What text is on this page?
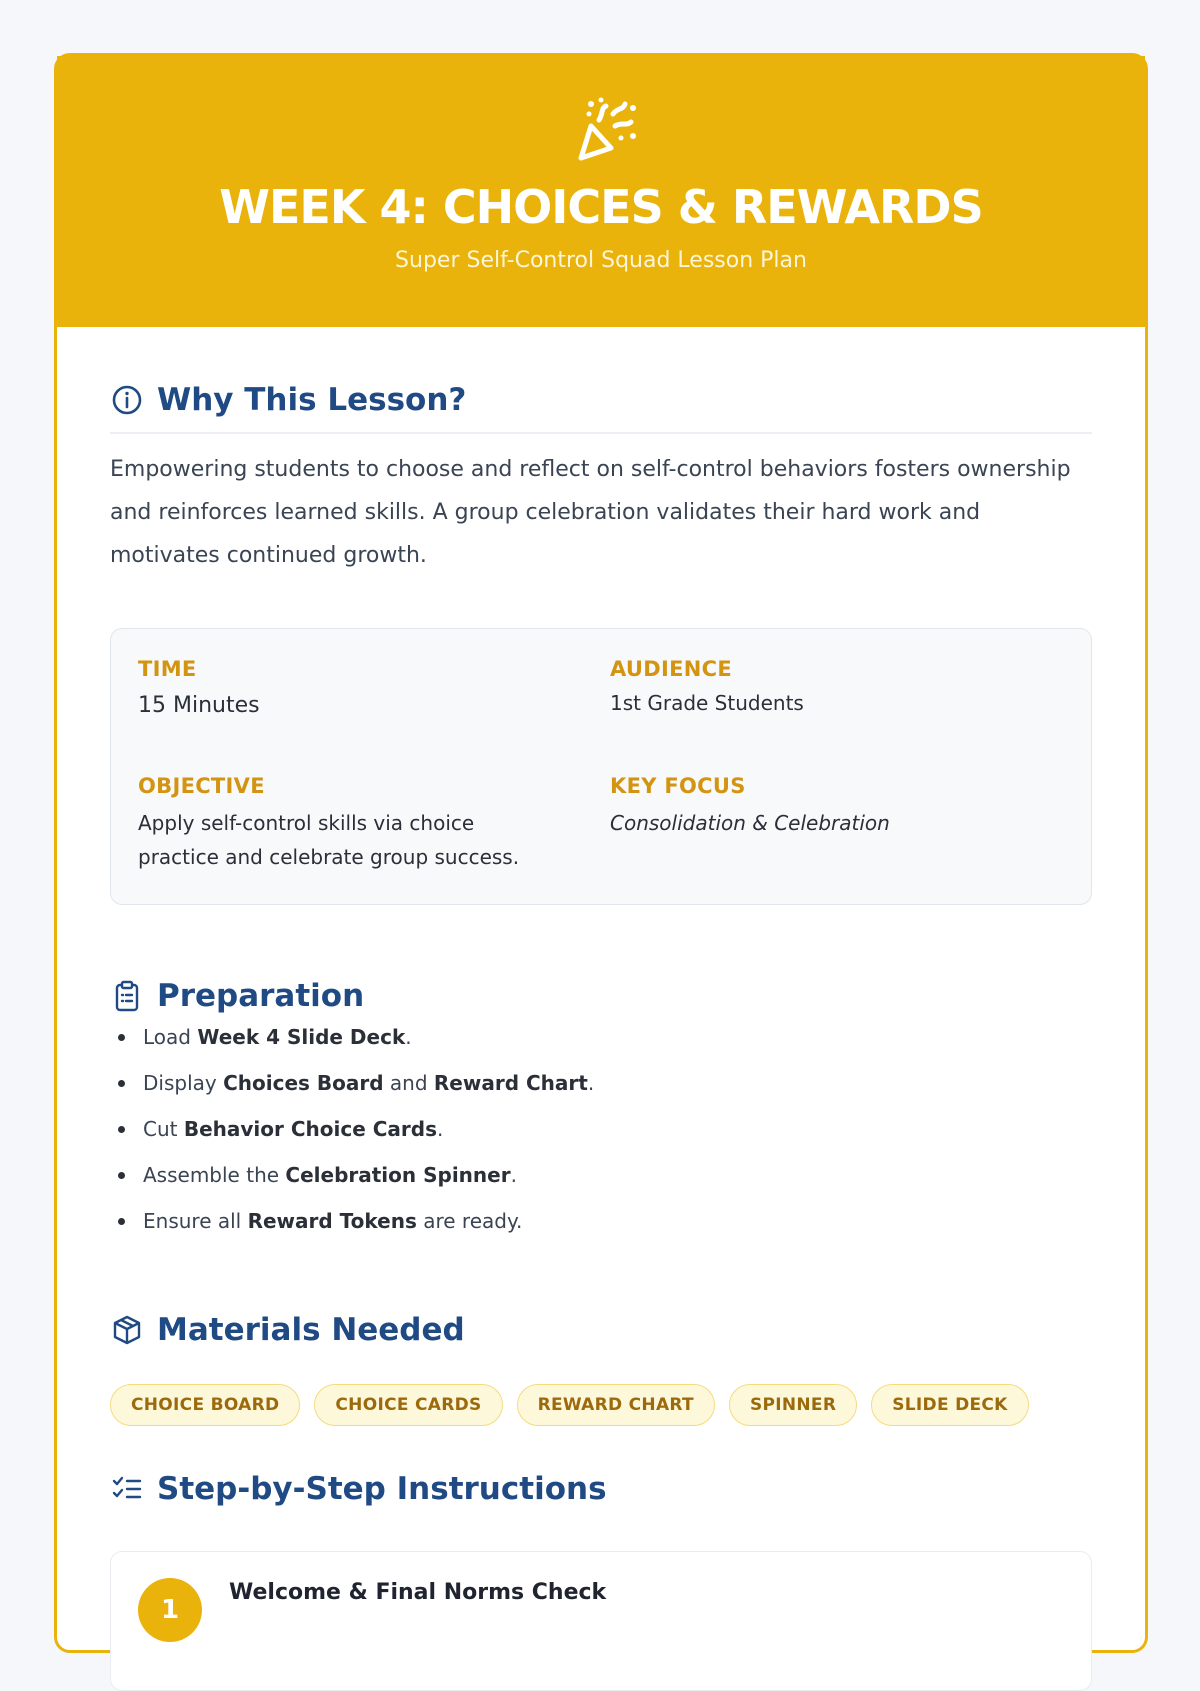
WEEK 4: CHOICES & REWARDS
Super Self-Control Squad Lesson Plan
Why This Lesson?

Empowering students to choose and reflect on self-control behaviors fosters ownership and reinforces learned skills. A group celebration validates their hard work and motivates continued growth.

TIME
15 Minutes
AUDIENCE
1st Grade Students
OBJECTIVE
Apply self-control skills via choice practice and celebrate group success.
KEY FOCUS
Consolidation & Celebration
Preparation
Load Week 4 Slide Deck.
Display Choices Board and Reward Chart.
Cut Behavior Choice Cards.
Assemble the Celebration Spinner.
Ensure all Reward Tokens are ready.
Materials Needed
CHOICE BOARD	CHOICE CARDS	REWARD CHART	SPINNER	SLIDE DECK
Step-by-Step Instructions
1
Welcome & Final Norms Check
